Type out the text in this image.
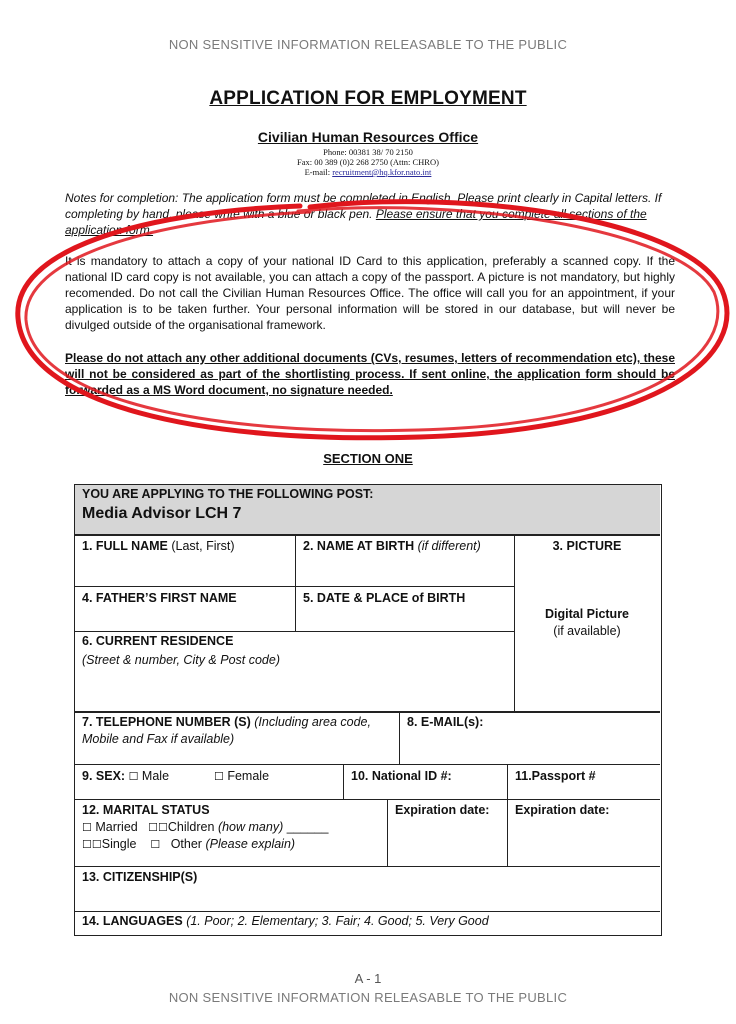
NON SENSITIVE INFORMATION RELEASABLE TO THE PUBLIC
APPLICATION FOR EMPLOYMENT
Civilian Human Resources Office
Phone: 00381 38/ 70 2150
Fax: 00 389 (0)2 268 2750 (Attn: CHRO)
E-mail: recruitment@hq.kfor.nato.int
Notes for completion: The application form must be completed in English. Please print clearly in Capital letters. If completing by hand, please write with a blue or black pen. Please ensure that you complete all sections of the application form.
It is mandatory to attach a copy of your national ID Card to this application, preferably a scanned copy. If the national ID card copy is not available, you can attach a copy of the passport. A picture is not mandatory, but highly recomended. Do not call the Civilian Human Resources Office. The office will call you for an appointment, if your application is to be taken further. Your personal information will be stored in our database, but will never be divulged outside of the organisational framework.
Please do not attach any other additional documents (CVs, resumes, letters of recommendation etc), these will not be considered as part of the shortlisting process. If sent online, the application form should be forwarded as a MS Word document, no signature needed.
SECTION ONE
YOU ARE APPLYING TO THE FOLLOWING POST:
Media Advisor LCH 7
1. FULL NAME (Last, First)	2. NAME AT BIRTH (if different)	3. PICTURE
Digital Picture
(if available)
4. FATHER’S FIRST NAME	5. DATE & PLACE of BIRTH
6. CURRENT RESIDENCE
(Street & number, City & Post code)
7. TELEPHONE NUMBER (S) (Including area code, Mobile and Fax if available)
8. E-MAIL(s):
9. SEX: ☐ Male	☐ Female	10. National ID #:	11.Passport #
12. MARITAL STATUS
☐ Married ☐☐Children (how many) ______
☐☐Single ☐ Other (Please explain)
Expiration date:	Expiration date:
13. CITIZENSHIP(S)
14. LANGUAGES (1. Poor; 2. Elementary; 3. Fair; 4. Good; 5. Very Good
A - 1
NON SENSITIVE INFORMATION RELEASABLE TO THE PUBLIC
